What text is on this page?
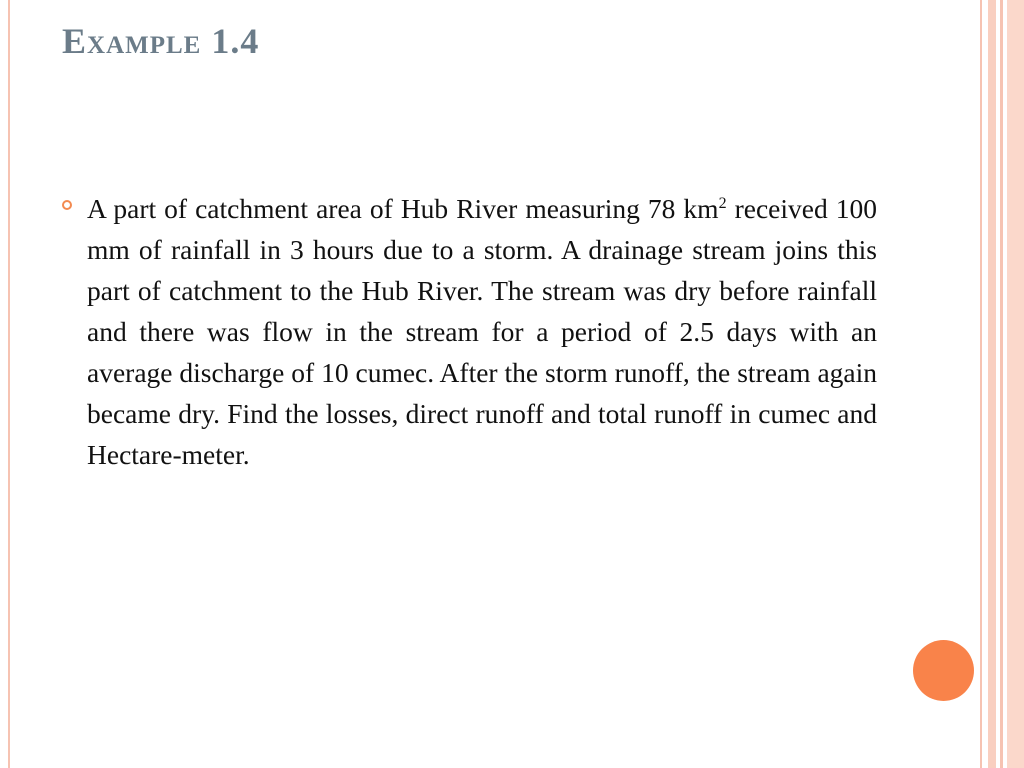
Example 1.4
A part of catchment area of Hub River measuring 78 $km^2$ received 100 mm of rainfall in 3 hours due to a storm. A drainage stream joins this part of catchment to the Hub River. The stream was dry before rainfall and there was flow in the stream for a period of 2.5 days with an average discharge of 10 cumec. After the storm runoff, the stream again became dry. Find the losses, direct runoff and total runoff in cumec and Hectare-meter.
